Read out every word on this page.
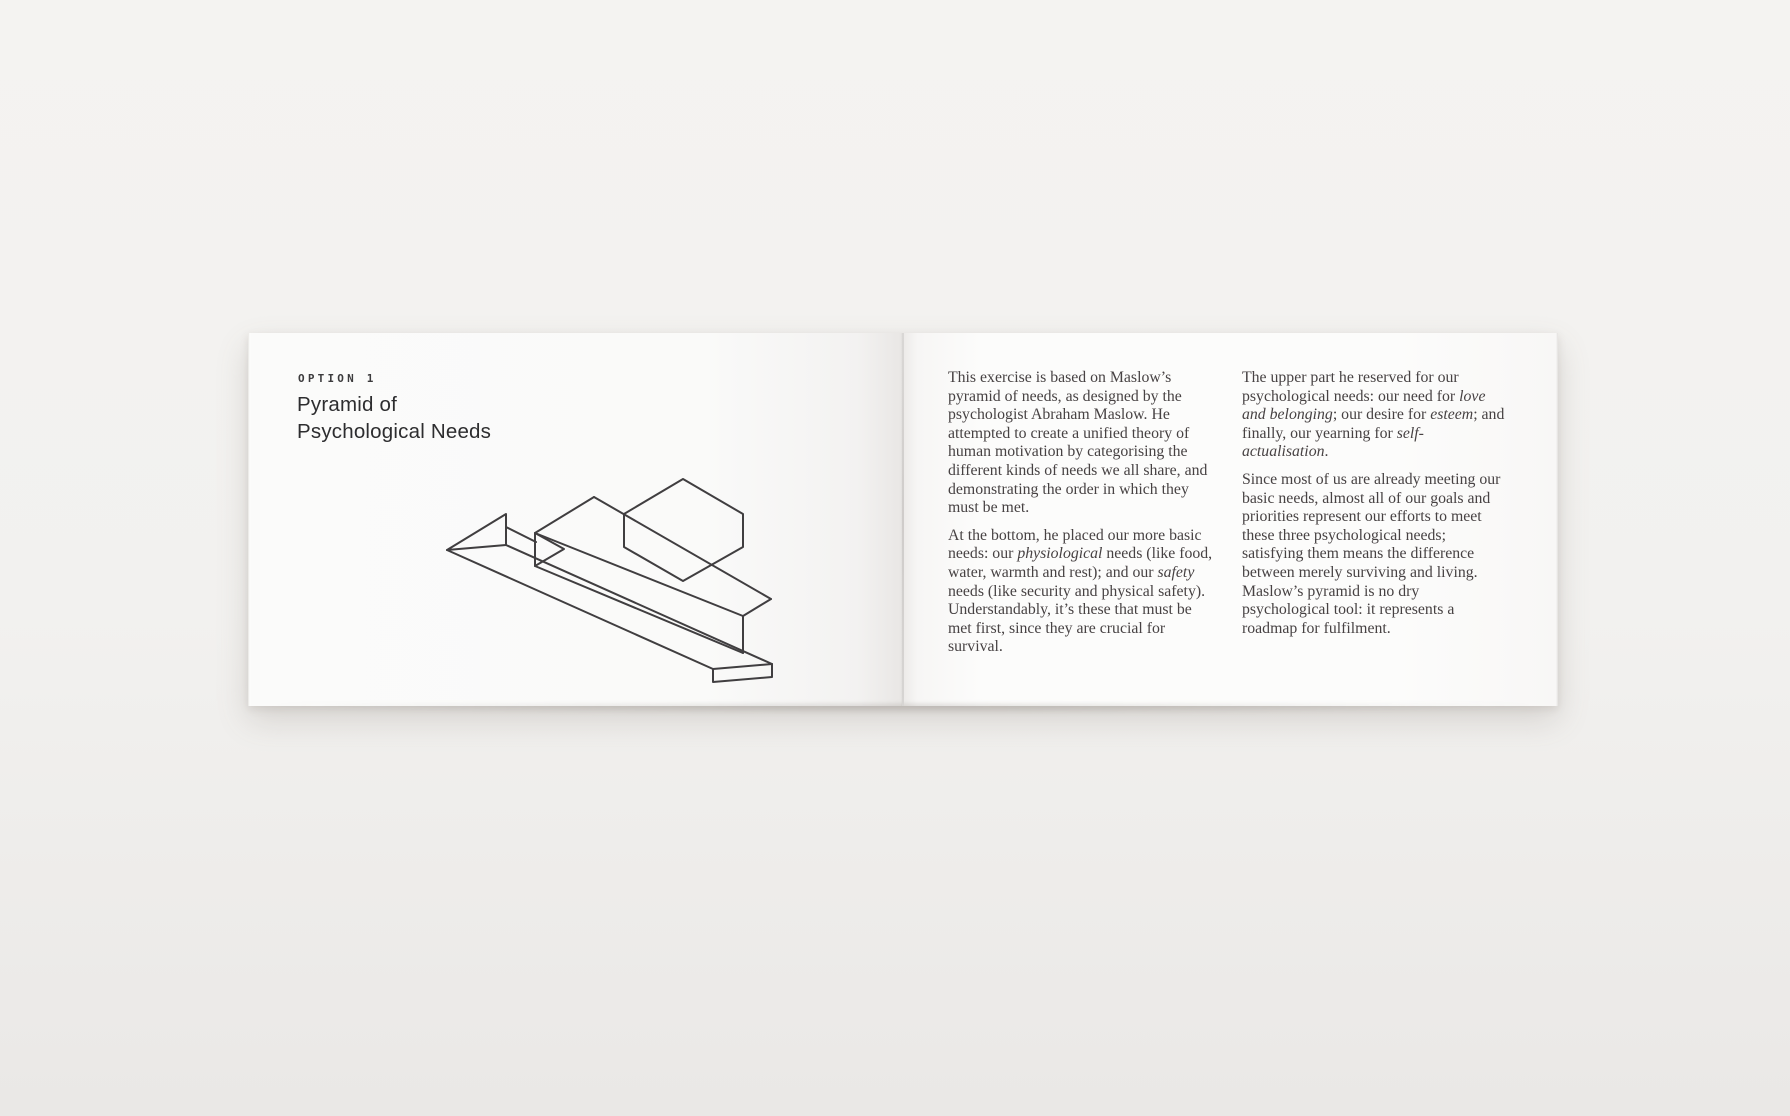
OPTION 1
Pyramid of
Psychological Needs

This exercise is based on Maslow’s pyramid of needs, as designed by the psychologist Abraham Maslow. He attempted to create a unified theory of human motivation by categorising the different kinds of needs we all share, and demonstrating the order in which they must be met.

At the bottom, he placed our more basic needs: our physiological needs (like food, water, warmth and rest); and our safety needs (like security and physical safety). Understandably, it’s these that must be met first, since they are crucial for survival.

The upper part he reserved for our psychological needs: our need for love and belonging; our desire for esteem; and finally, our yearning for self-actualisation.

Since most of us are already meeting our basic needs, almost all of our goals and priorities represent our efforts to meet these three psychological needs; satisfying them means the difference between merely surviving and living. Maslow’s pyramid is no dry psychological tool: it represents a roadmap for fulfilment.
